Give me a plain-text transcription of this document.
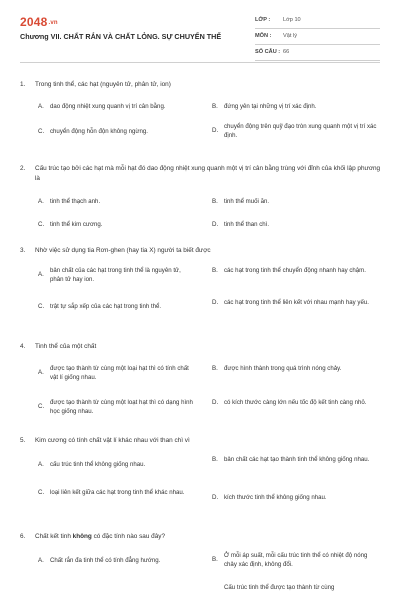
2048.vn
Chương VII. CHẤT RẮN VÀ CHẤT LỎNG. SỰ CHUYỂN THỂ
LỚP : Lớp 10
MÔN : Vật lý
SỐ CÂU : 66
1. Trong tinh thể, các hạt (nguyên tử, phân tử, ion)
A.	dao động nhiệt xung quanh vị trí cân bằng.	B.	đứng yên tại những vị trí xác định.
C. chuyển động hỗn độn không ngừng.	D.
chuyển động trên quỹ đạo tròn xung quanh một vị trí xác định.
2. Cấu trúc tạo bởi các hạt mà mỗi hạt đó dao động nhiệt xung quanh một vị trí cân bằng trùng với đỉnh của khối lập phương là
A.	tinh thể thạch anh.	B.	tinh thể muối ăn.
C. tinh thể kim cương.	D. tinh thể than chì.
3. Nhờ việc sử dụng tia Rơn-ghen (hay tia X) người ta biết được
A.
bản chất của các hạt trong tinh thể là nguyên tử, phân tử hay ion.
B.	các hạt trong tinh thể chuyển động nhanh hay chậm.
C. trật tự sắp xếp của các hạt trong tinh thể.
D. các hạt trong tinh thể liên kết với nhau mạnh hay yếu.
4. Tinh thể của một chất
A.
được tạo thành từ cùng một loại hạt thì có tính chất vật lí giống nhau.
B.	được hình thành trong quá trình nóng chảy.
C.
được tạo thành từ cùng một loạt hạt thì có dạng hình học giống nhau.
D. có kích thước càng lớn nếu tốc độ kết tinh càng nhỏ.
5. Kim cương có tính chất vật lí khác nhau với than chì vì
A.	cấu trúc tinh thể không giống nhau.
B.	bản chất các hạt tạo thành tinh thể không giống nhau.
C. loại liên kết giữa các hạt trong tinh thể khác nhau.
D. kích thước tinh thể không giống nhau.
6. Chất kết tinh không có đặc tính nào sau đây?
A.	Chất rắn đa tinh thể có tính đẳng hướng.	B.
Ở mỗi áp suất, mỗi cấu trúc tinh thể có nhiệt độ nóng chảy xác định, không đổi.
Cấu trúc tinh thể được tạo thành từ cùng
